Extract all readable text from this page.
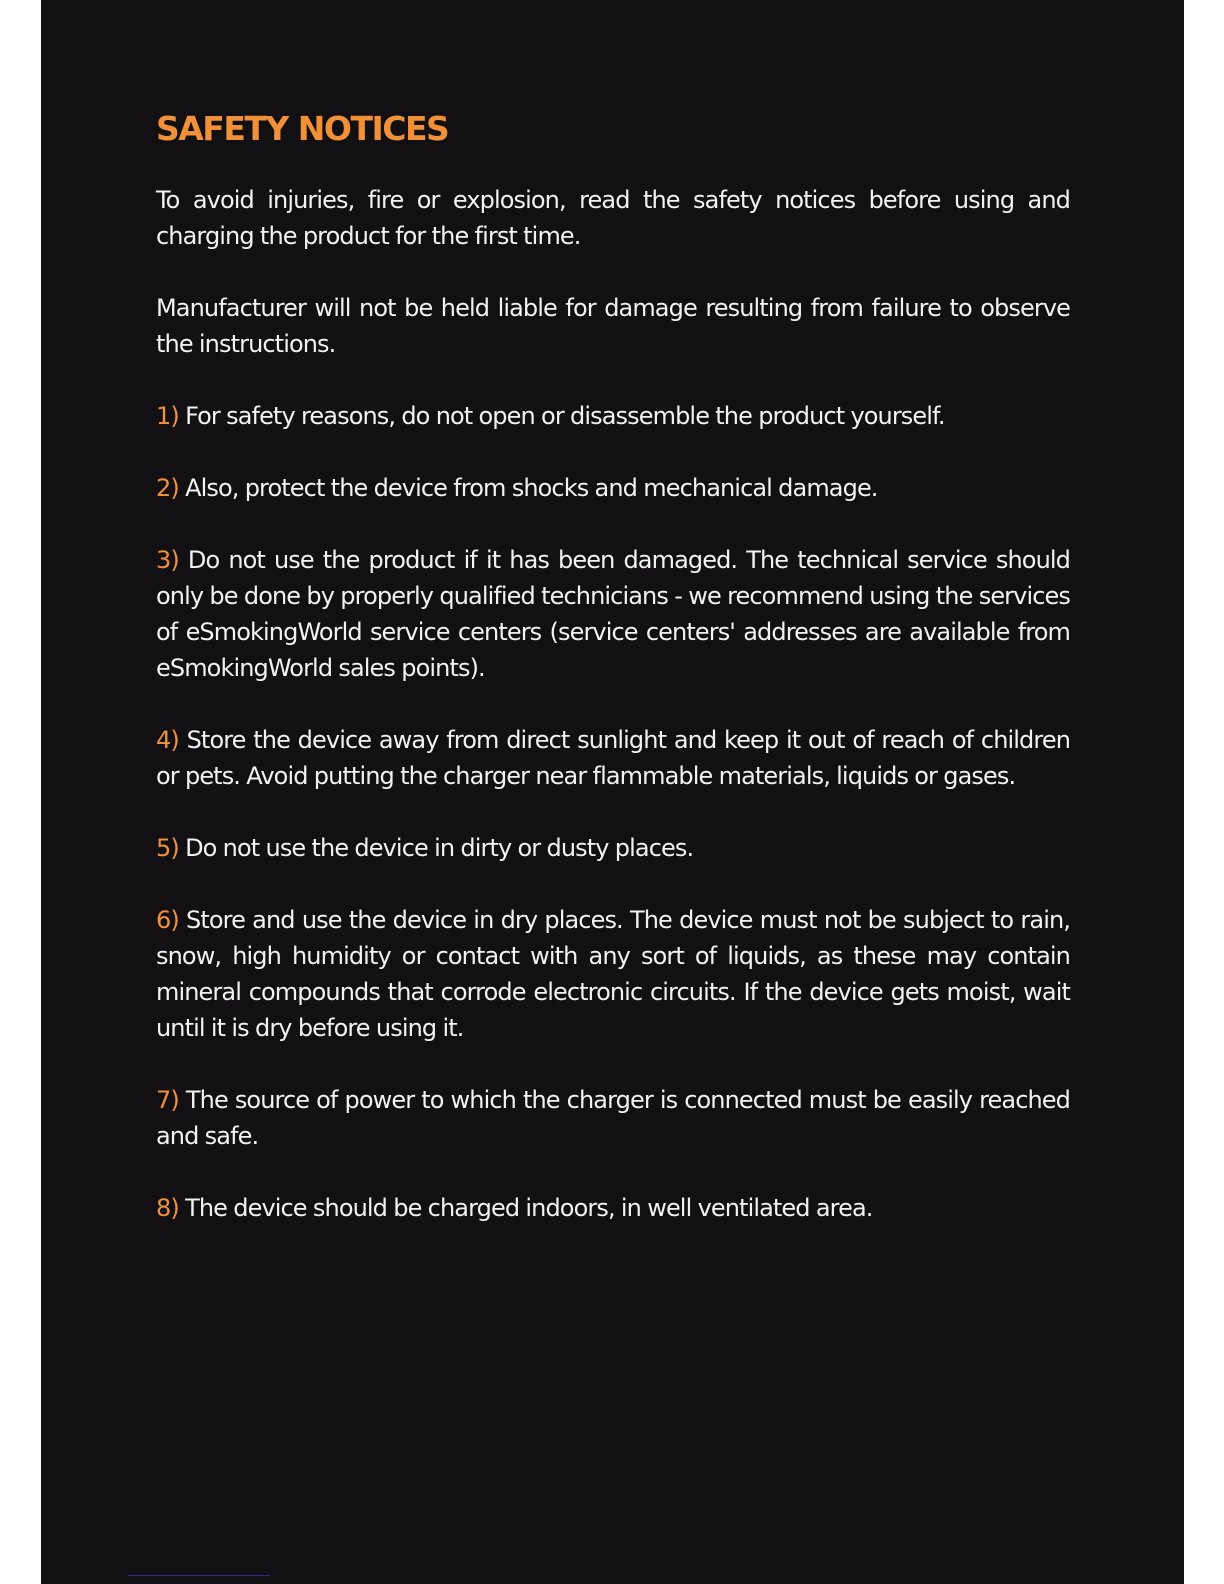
SAFETY NOTICES

To avoid injuries, fire or explosion, read the safety notices before using and charging the product for the first time.

Manufacturer will not be held liable for damage resulting from failure to observe the instructions.

1) For safety reasons, do not open or disassemble the product yourself.

2) Also, protect the device from shocks and mechanical damage.

3) Do not use the product if it has been damaged. The technical service should only be done by properly qualified technicians - we recommend using the services of eSmokingWorld service centers (service centers' addresses are available from eSmokingWorld sales points).

4) Store the device away from direct sunlight and keep it out of reach of children or pets. Avoid putting the charger near flammable materials, liquids or gases.

5) Do not use the device in dirty or dusty places.

6) Store and use the device in dry places. The device must not be subject to rain, snow, high humidity or contact with any sort of liquids, as these may contain mineral compounds that corrode electronic circuits. If the device gets moist, wait until it is dry before using it.

7) The source of power to which the charger is connected must be easily reached and safe.

8) The device should be charged indoors, in well ventilated area.
